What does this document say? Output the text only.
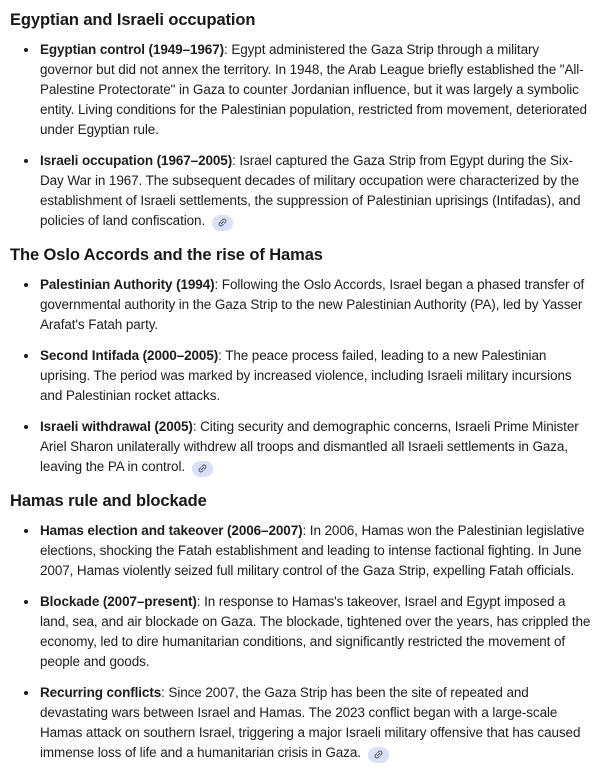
Egyptian and Israeli occupation
Egyptian control (1949–1967): Egypt administered the Gaza Strip through a military governor but did not annex the territory. In 1948, the Arab League briefly established the "All-Palestine Protectorate" in Gaza to counter Jordanian influence, but it was largely a symbolic entity. Living conditions for the Palestinian population, restricted from movement, deteriorated under Egyptian rule.
Israeli occupation (1967–2005): Israel captured the Gaza Strip from Egypt during the Six-Day War in 1967. The subsequent decades of military occupation were characterized by the establishment of Israeli settlements, the suppression of Palestinian uprisings (Intifadas), and policies of land confiscation.
The Oslo Accords and the rise of Hamas
Palestinian Authority (1994): Following the Oslo Accords, Israel began a phased transfer of governmental authority in the Gaza Strip to the new Palestinian Authority (PA), led by Yasser Arafat's Fatah party.
Second Intifada (2000–2005): The peace process failed, leading to a new Palestinian uprising. The period was marked by increased violence, including Israeli military incursions and Palestinian rocket attacks.
Israeli withdrawal (2005): Citing security and demographic concerns, Israeli Prime Minister Ariel Sharon unilaterally withdrew all troops and dismantled all Israeli settlements in Gaza, leaving the PA in control.
Hamas rule and blockade
Hamas election and takeover (2006–2007): In 2006, Hamas won the Palestinian legislative elections, shocking the Fatah establishment and leading to intense factional fighting. In June 2007, Hamas violently seized full military control of the Gaza Strip, expelling Fatah officials.
Blockade (2007–present): In response to Hamas's takeover, Israel and Egypt imposed a land, sea, and air blockade on Gaza. The blockade, tightened over the years, has crippled the economy, led to dire humanitarian conditions, and significantly restricted the movement of people and goods.
Recurring conflicts: Since 2007, the Gaza Strip has been the site of repeated and devastating wars between Israel and Hamas. The 2023 conflict began with a large-scale Hamas attack on southern Israel, triggering a major Israeli military offensive that has caused immense loss of life and a humanitarian crisis in Gaza.
